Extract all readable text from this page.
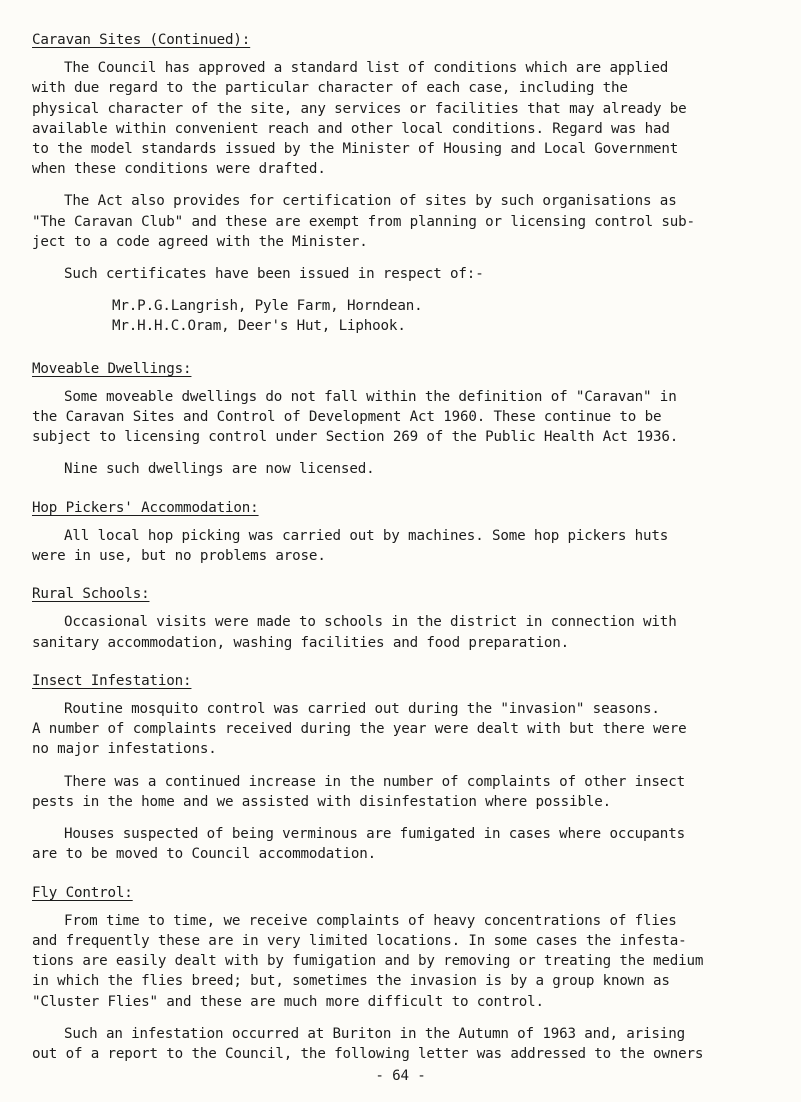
Caravan Sites (Continued):
The Council has approved a standard list of conditions which are applied
with due regard to the particular character of each case, including the
physical character of the site, any services or facilities that may already be
available within convenient reach and other local conditions. Regard was had
to the model standards issued by the Minister of Housing and Local Government
when these conditions were drafted.
The Act also provides for certification of sites by such organisations as
"The Caravan Club" and these are exempt from planning or licensing control sub-
ject to a code agreed with the Minister.
Such certificates have been issued in respect of:-
Mr.P.G.Langrish, Pyle Farm, Horndean.
Mr.H.H.C.Oram, Deer's Hut, Liphook.
Moveable Dwellings:
Some moveable dwellings do not fall within the definition of "Caravan" in
the Caravan Sites and Control of Development Act 1960. These continue to be
subject to licensing control under Section 269 of the Public Health Act 1936.
Nine such dwellings are now licensed.
Hop Pickers' Accommodation:
All local hop picking was carried out by machines. Some hop pickers huts
were in use, but no problems arose.
Rural Schools:
Occasional visits were made to schools in the district in connection with
sanitary accommodation, washing facilities and food preparation.
Insect Infestation:
Routine mosquito control was carried out during the "invasion" seasons.
A number of complaints received during the year were dealt with but there were
no major infestations.
There was a continued increase in the number of complaints of other insect
pests in the home and we assisted with disinfestation where possible.
Houses suspected of being verminous are fumigated in cases where occupants
are to be moved to Council accommodation.
Fly Control:
From time to time, we receive complaints of heavy concentrations of flies
and frequently these are in very limited locations. In some cases the infesta-
tions are easily dealt with by fumigation and by removing or treating the medium
in which the flies breed; but, sometimes the invasion is by a group known as
"Cluster Flies" and these are much more difficult to control.
Such an infestation occurred at Buriton in the Autumn of 1963 and, arising
out of a report to the Council, the following letter was addressed to the owners
- 64 -
